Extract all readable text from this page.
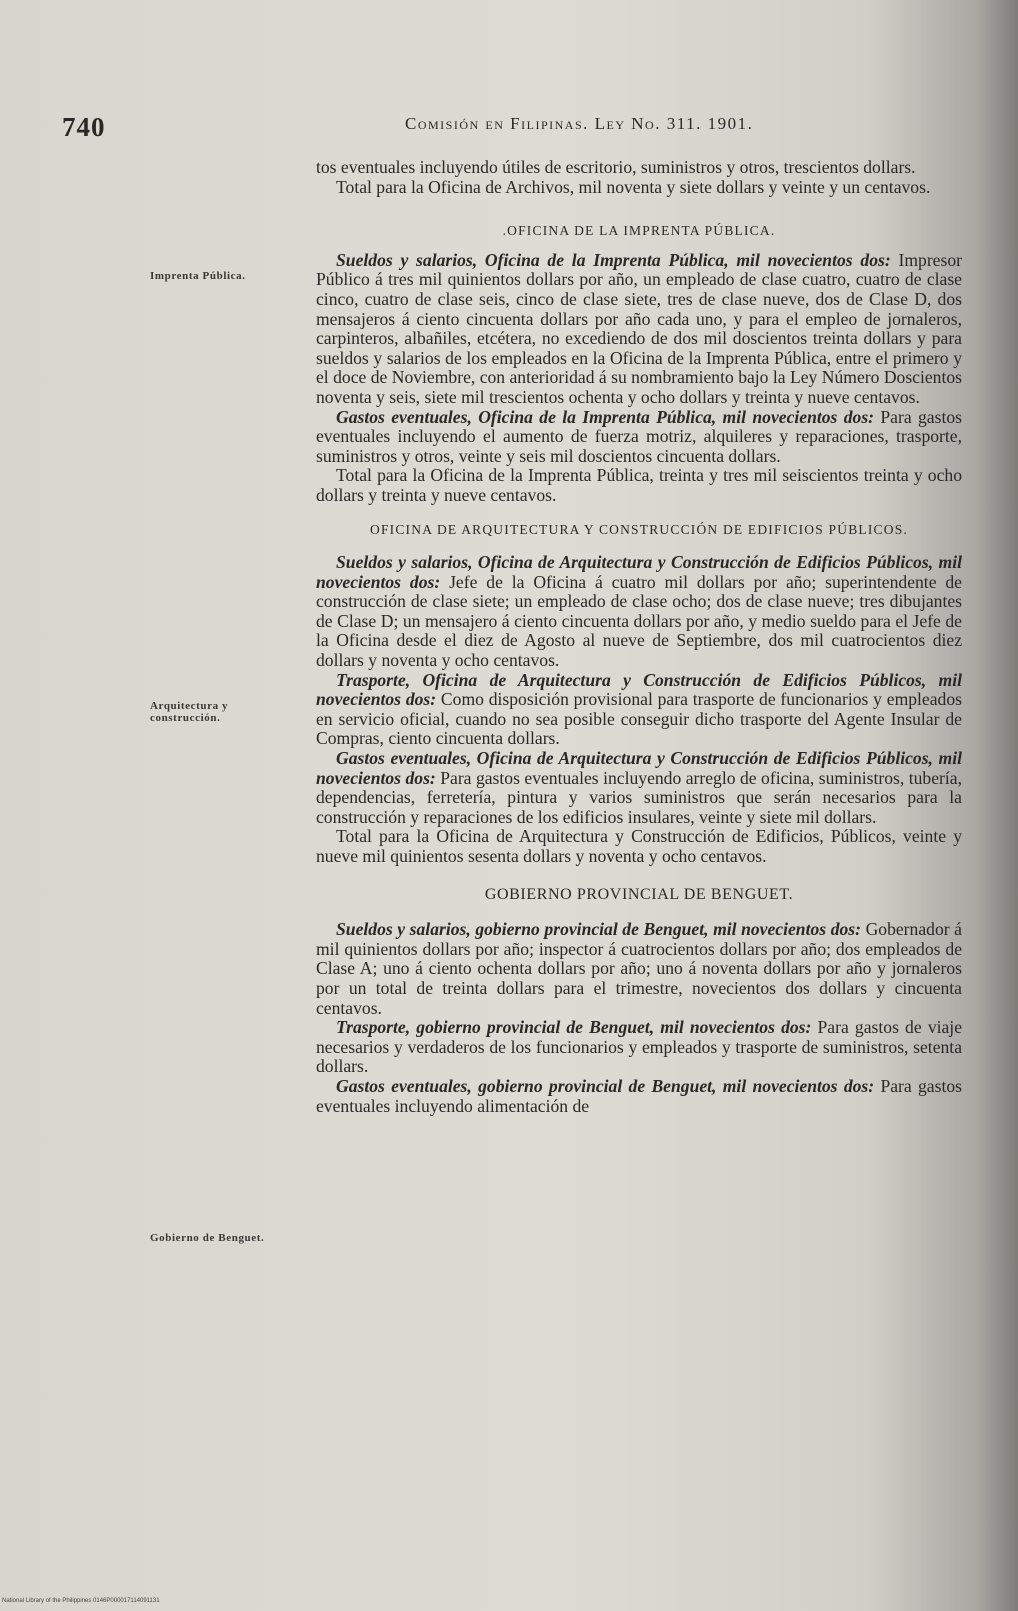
740	Comisión en Filipinas. Ley No. 311. 1901.
Imprenta Pública.
Arquitectura y construcción.
Gobierno de Benguet.

tos eventuales incluyendo útiles de escritorio, suministros y otros, trescientos dollars.

Total para la Oficina de Archivos, mil noventa y siete dollars y veinte y un centavos.

.OFICINA DE LA IMPRENTA PÚBLICA.

Sueldos y salarios, Oficina de la Imprenta Pública, mil novecientos dos: Impresor Público á tres mil quinientos dollars por año, un empleado de clase cuatro, cuatro de clase cinco, cuatro de clase seis, cinco de clase siete, tres de clase nueve, dos de Clase D, dos mensajeros á ciento cincuenta dollars por año cada uno, y para el empleo de jornaleros, carpinteros, albañiles, etcétera, no excediendo de dos mil doscientos treinta dollars y para sueldos y salarios de los empleados en la Oficina de la Imprenta Pública, entre el primero y el doce de Noviembre, con anterioridad á su nombramiento bajo la Ley Número Doscientos noventa y seis, siete mil trescientos ochenta y ocho dollars y treinta y nueve centavos.

Gastos eventuales, Oficina de la Imprenta Pública, mil novecientos dos: Para gastos eventuales incluyendo el aumento de fuerza motriz, alquileres y reparaciones, trasporte, suministros y otros, veinte y seis mil doscientos cincuenta dollars.

Total para la Oficina de la Imprenta Pública, treinta y tres mil seiscientos treinta y ocho dollars y treinta y nueve centavos.

OFICINA DE ARQUITECTURA Y CONSTRUCCIÓN DE EDIFICIOS PÚBLICOS.

Sueldos y salarios, Oficina de Arquitectura y Construcción de Edificios Públicos, mil novecientos dos: Jefe de la Oficina á cuatro mil dollars por año; superintendente de construcción de clase siete; un empleado de clase ocho; dos de clase nueve; tres dibujantes de Clase D; un mensajero á ciento cincuenta dollars por año, y medio sueldo para el Jefe de la Oficina desde el diez de Agosto al nueve de Septiembre, dos mil cuatrocientos diez dollars y noventa y ocho centavos.

Trasporte, Oficina de Arquitectura y Construcción de Edificios Públicos, mil novecientos dos: Como disposición provisional para trasporte de funcionarios y empleados en servicio oficial, cuando no sea posible conseguir dicho trasporte del Agente Insular de Compras, ciento cincuenta dollars.

Gastos eventuales, Oficina de Arquitectura y Construcción de Edificios Públicos, mil novecientos dos: Para gastos eventuales incluyendo arreglo de oficina, suministros, tubería, dependencias, ferretería, pintura y varios suministros que serán necesarios para la construcción y reparaciones de los edificios insulares, veinte y siete mil dollars.

Total para la Oficina de Arquitectura y Construcción de Edificios, Públicos, veinte y nueve mil quinientos sesenta dollars y noventa y ocho centavos.

GOBIERNO PROVINCIAL DE BENGUET.

Sueldos y salarios, gobierno provincial de Benguet, mil novecientos dos: Gobernador á mil quinientos dollars por año; inspector á cuatrocientos dollars por año; dos empleados de Clase A; uno á ciento ochenta dollars por año; uno á noventa dollars por año y jornaleros por un total de treinta dollars para el trimestre, novecientos dos dollars y cincuenta centavos.

Trasporte, gobierno provincial de Benguet, mil novecientos dos: Para gastos de viaje necesarios y verdaderos de los funcionarios y empleados y trasporte de suministros, setenta dollars.

Gastos eventuales, gobierno provincial de Benguet, mil novecientos dos: Para gastos eventuales incluyendo alimentación de

National Library of the Philippines 0146P000017114091131
